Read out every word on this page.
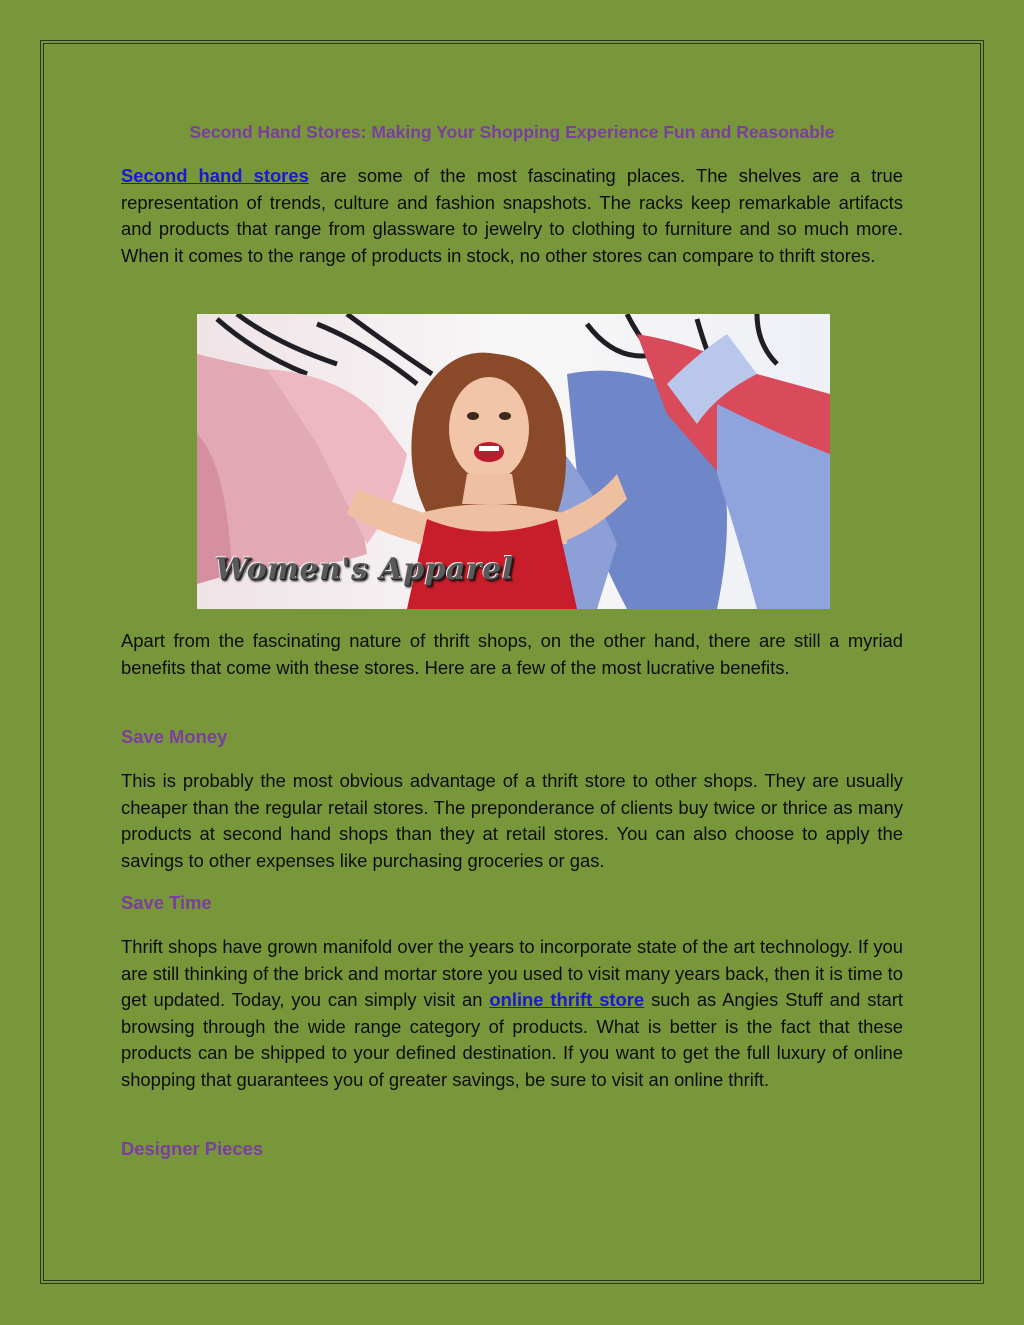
Second Hand Stores: Making Your Shopping Experience Fun and Reasonable

Second hand stores are some of the most fascinating places. The shelves are a true representation of trends, culture and fashion snapshots. The racks keep remarkable artifacts and products that range from glassware to jewelry to clothing to furniture and so much more. When it comes to the range of products in stock, no other stores can compare to thrift stores.

Apart from the fascinating nature of thrift shops, on the other hand, there are still a myriad benefits that come with these stores. Here are a few of the most lucrative benefits.

Save Money

This is probably the most obvious advantage of a thrift store to other shops. They are usually cheaper than the regular retail stores. The preponderance of clients buy twice or thrice as many products at second hand shops than they at retail stores. You can also choose to apply the savings to other expenses like purchasing groceries or gas.

Save Time

Thrift shops have grown manifold over the years to incorporate state of the art technology. If you are still thinking of the brick and mortar store you used to visit many years back, then it is time to get updated. Today, you can simply visit an online thrift store such as Angies Stuff and start browsing through the wide range category of products. What is better is the fact that these products can be shipped to your defined destination. If you want to get the full luxury of online shopping that guarantees you of greater savings, be sure to visit an online thrift.

Designer Pieces
Women's Apparel
